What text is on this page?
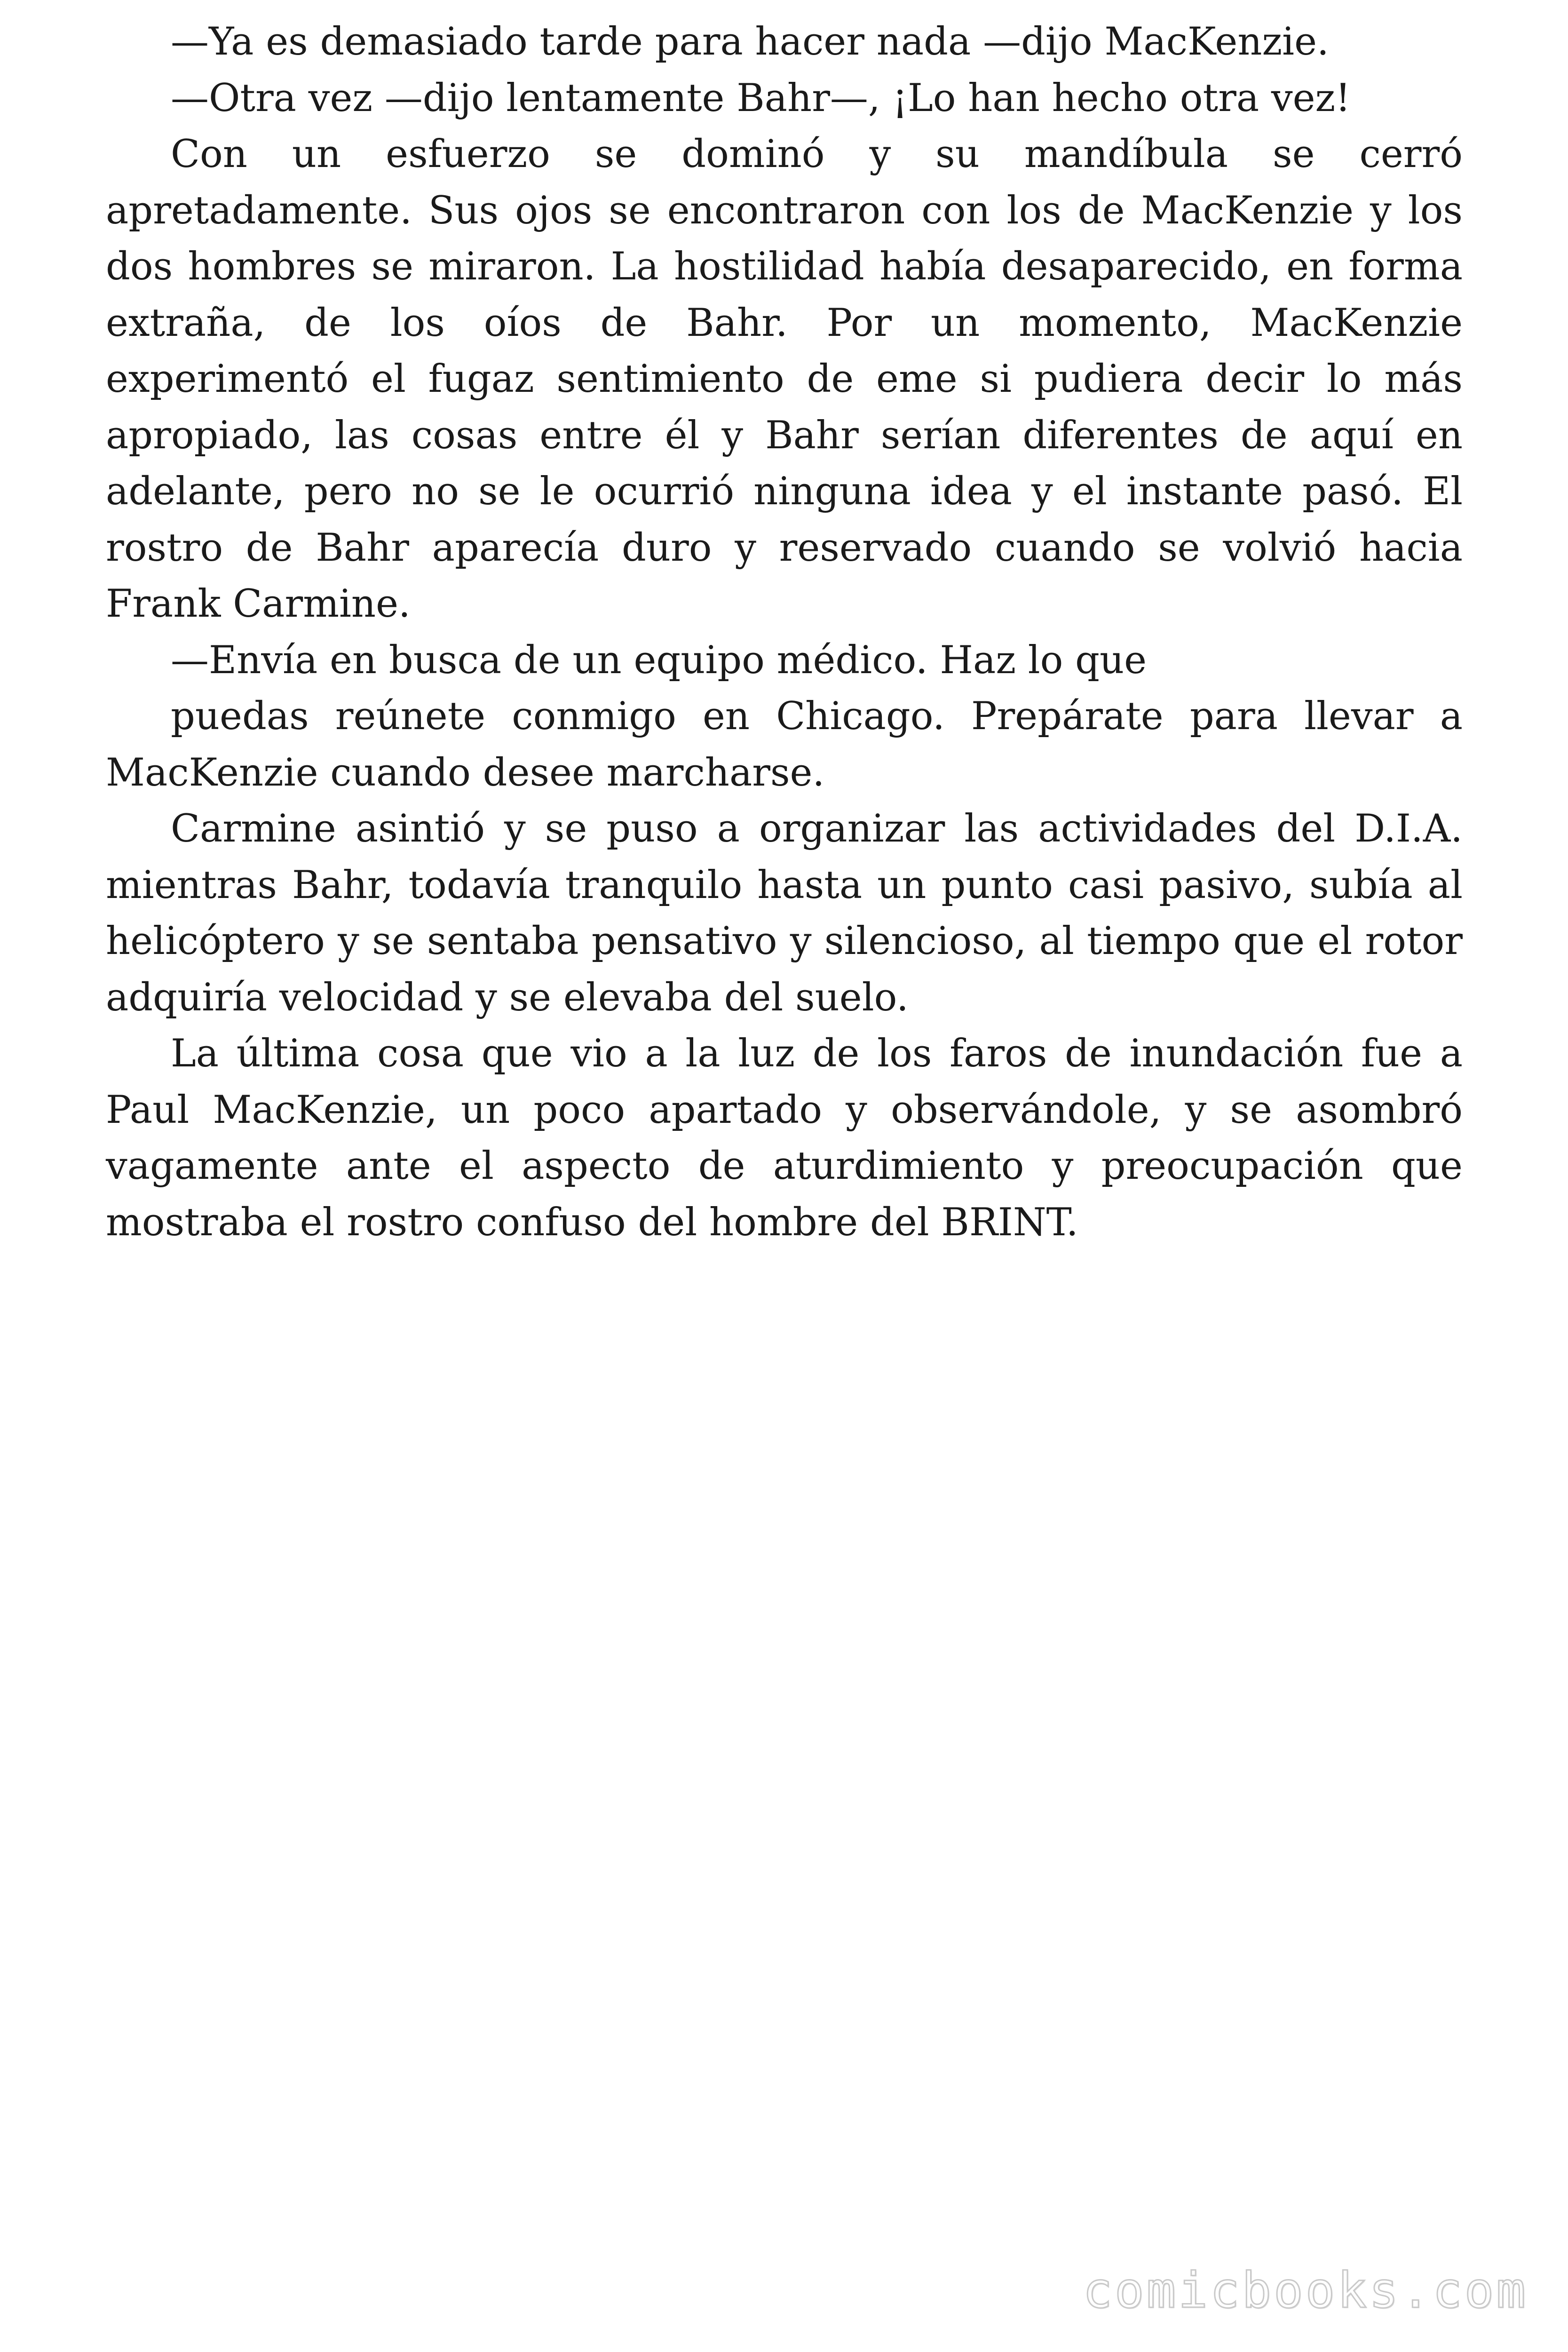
—Ya es demasiado tarde para hacer nada —dijo MacKenzie.

—Otra vez —dijo lentamente Bahr—, ¡Lo han hecho otra vez!

Con un esfuerzo se dominó y su mandíbula se cerró apretadamente. Sus ojos se encontraron con los de MacKenzie y los dos hombres se miraron. La hostilidad había desaparecido, en forma extraña, de los oíos de Bahr. Por un momento, MacKenzie experimentó el fugaz sentimiento de eme si pudiera decir lo más apropiado, las cosas entre él y Bahr serían diferentes de aquí en adelante, pero no se le ocurrió ninguna idea y el instante pasó. El rostro de Bahr aparecía duro y reservado cuando se volvió hacia Frank Carmine.

—Envía en busca de un equipo médico. Haz lo que

puedas reúnete conmigo en Chicago. Prepárate para llevar a MacKenzie cuando desee marcharse.

Carmine asintió y se puso a organizar las actividades del D.I.A. mientras Bahr, todavía tranquilo hasta un punto casi pasivo, subía al helicóptero y se sentaba pensativo y silencioso, al tiempo que el rotor adquiría velocidad y se elevaba del suelo.

La última cosa que vio a la luz de los faros de inundación fue a Paul MacKenzie, un poco apartado y observándole, y se asombró vagamente ante el aspecto de aturdimiento y preocupación que mostraba el rostro confuso del hombre del BRINT.

comicbooks.com
